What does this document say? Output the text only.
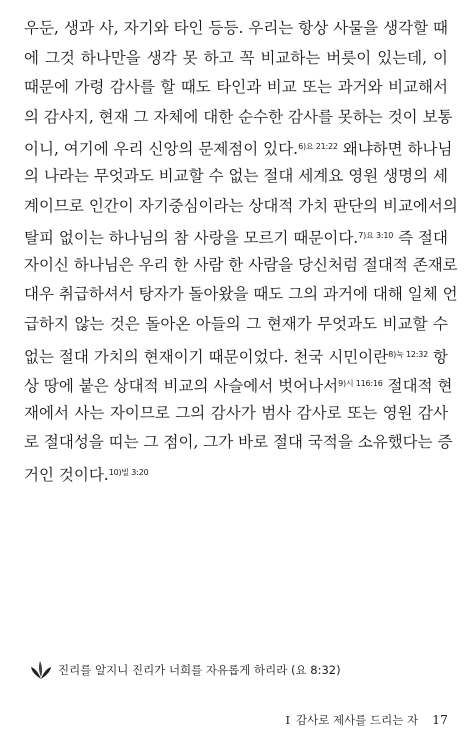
우둔, 생과 사, 자기와 타인 등등. 우리는 항상 사물을 생각할 때
에 그것 하나만을 생각 못 하고 꼭 비교하는 버릇이 있는데, 이
때문에 가령 감사를 할 때도 타인과 비교 또는 과거와 비교해서
의 감사지, 현재 그 자체에 대한 순수한 감사를 못하는 것이 보통
이니, 여기에 우리 신앙의 문제점이 있다.$^{6)요 21:22}$ 왜냐하면 하나님
의 나라는 무엇과도 비교할 수 없는 절대 세계요 영원 생명의 세
계이므로 인간이 자기중심이라는 상대적 가치 판단의 비교에서의
탈피 없이는 하나님의 참 사랑을 모르기 때문이다.$^{7)요 3:10}$ 즉 절대
자이신 하나님은 우리 한 사람 한 사람을 당신처럼 절대적 존재로
대우 취급하셔서 탕자가 돌아왔을 때도 그의 과거에 대해 일체 언
급하지 않는 것은 돌아온 아들의 그 현재가 무엇과도 비교할 수
없는 절대 가치의 현재이기 때문이었다. 천국 시민이란$^{8)눅 12:32}$ 항
상 땅에 붙은 상대적 비교의 사슬에서 벗어나서$^{9)시 116:16}$ 절대적 현
재에서 사는 자이므로 그의 감사가 범사 감사로 또는 영원 감사
로 절대성을 띠는 그 점이, 그가 바로 절대 국적을 소유했다는 증
거인 것이다.$^{10)빌 3:20}$
진리를 알지니 진리가 너희를 자유롭게 하리라 (요 8:32)
I 감사로 제사를 드리는 자 17
